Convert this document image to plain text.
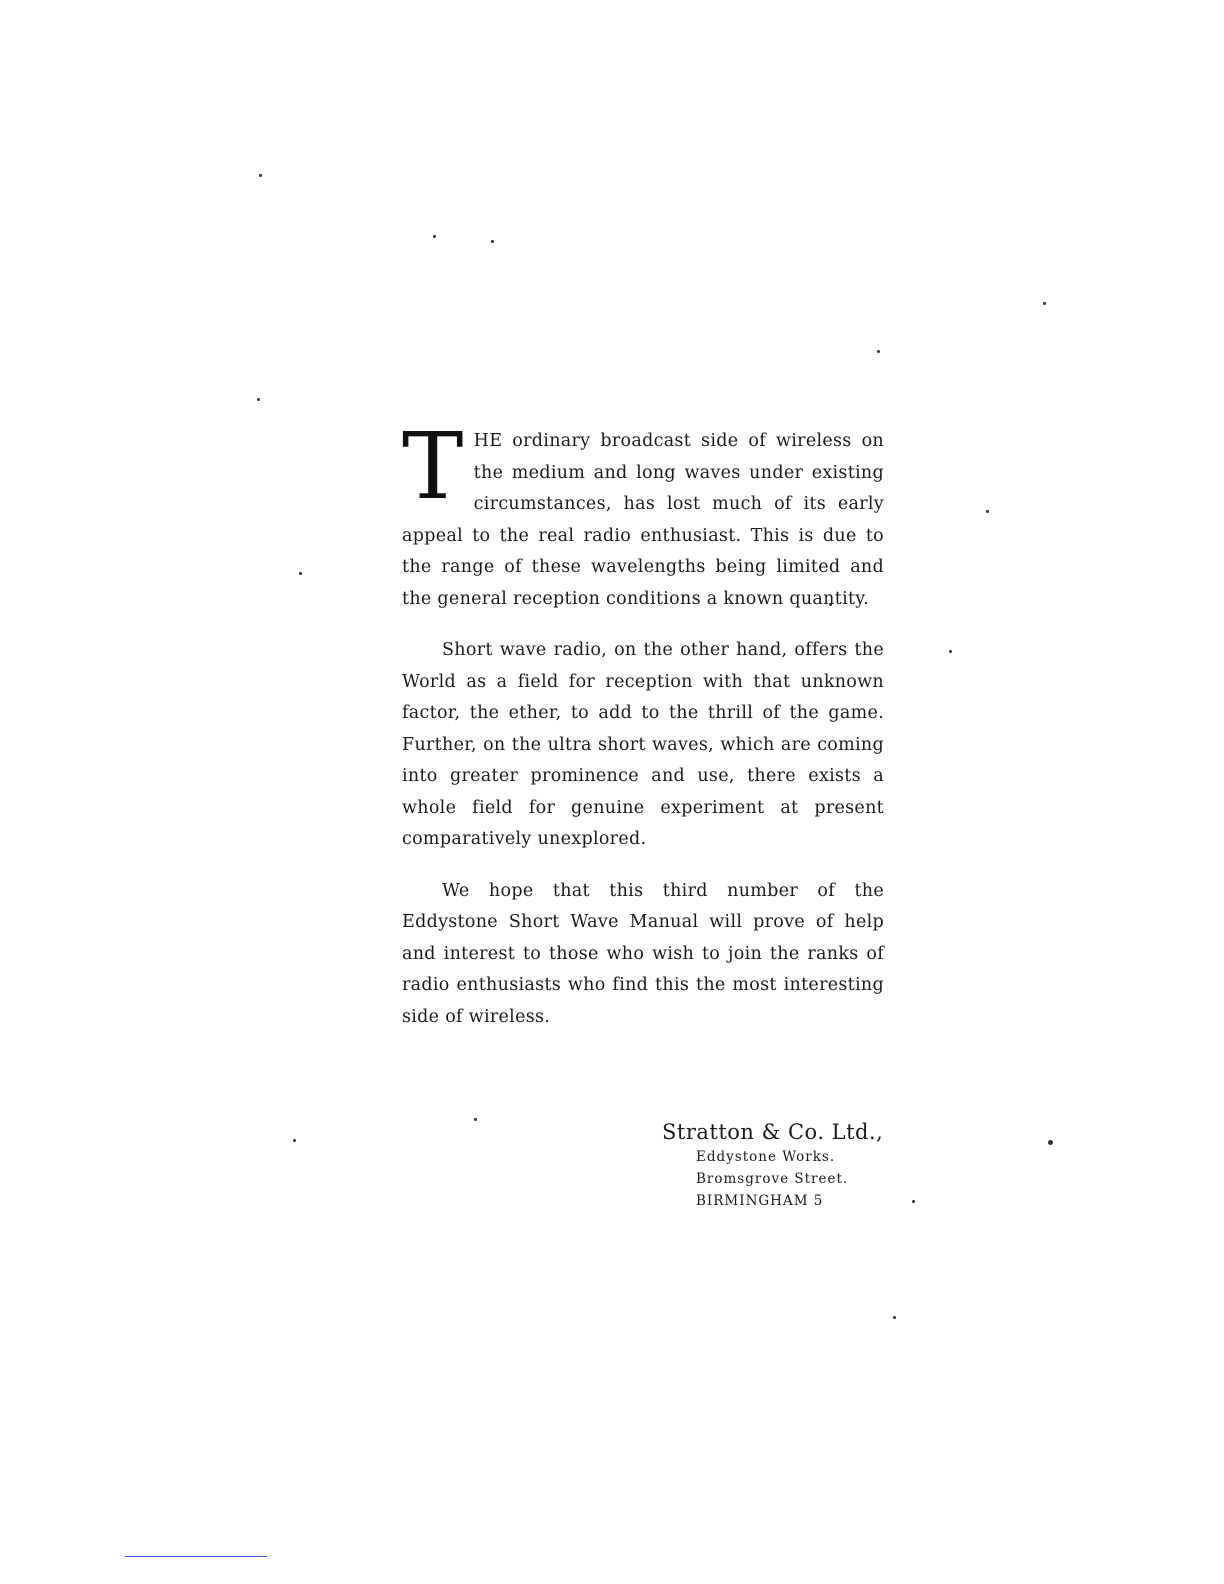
THE ordinary broadcast side of wireless on the medium and long waves under existing circumstances, has lost much of its early appeal to the real radio enthusiast. This is due to the range of these wavelengths being limited and the general reception conditions a known quantity.

Short wave radio, on the other hand, offers the World as a field for reception with that unknown factor, the ether, to add to the thrill of the game. Further, on the ultra short waves, which are coming into greater prominence and use, there exists a whole field for genuine experiment at present comparatively unexplored.

We hope that this third number of the Eddystone Short Wave Manual will prove of help and interest to those who wish to join the ranks of radio enthusiasts who find this the most interesting side of wireless.

Stratton & Co. Ltd.,

Eddystone Works.

Bromsgrove Street.

BIRMINGHAM 5
